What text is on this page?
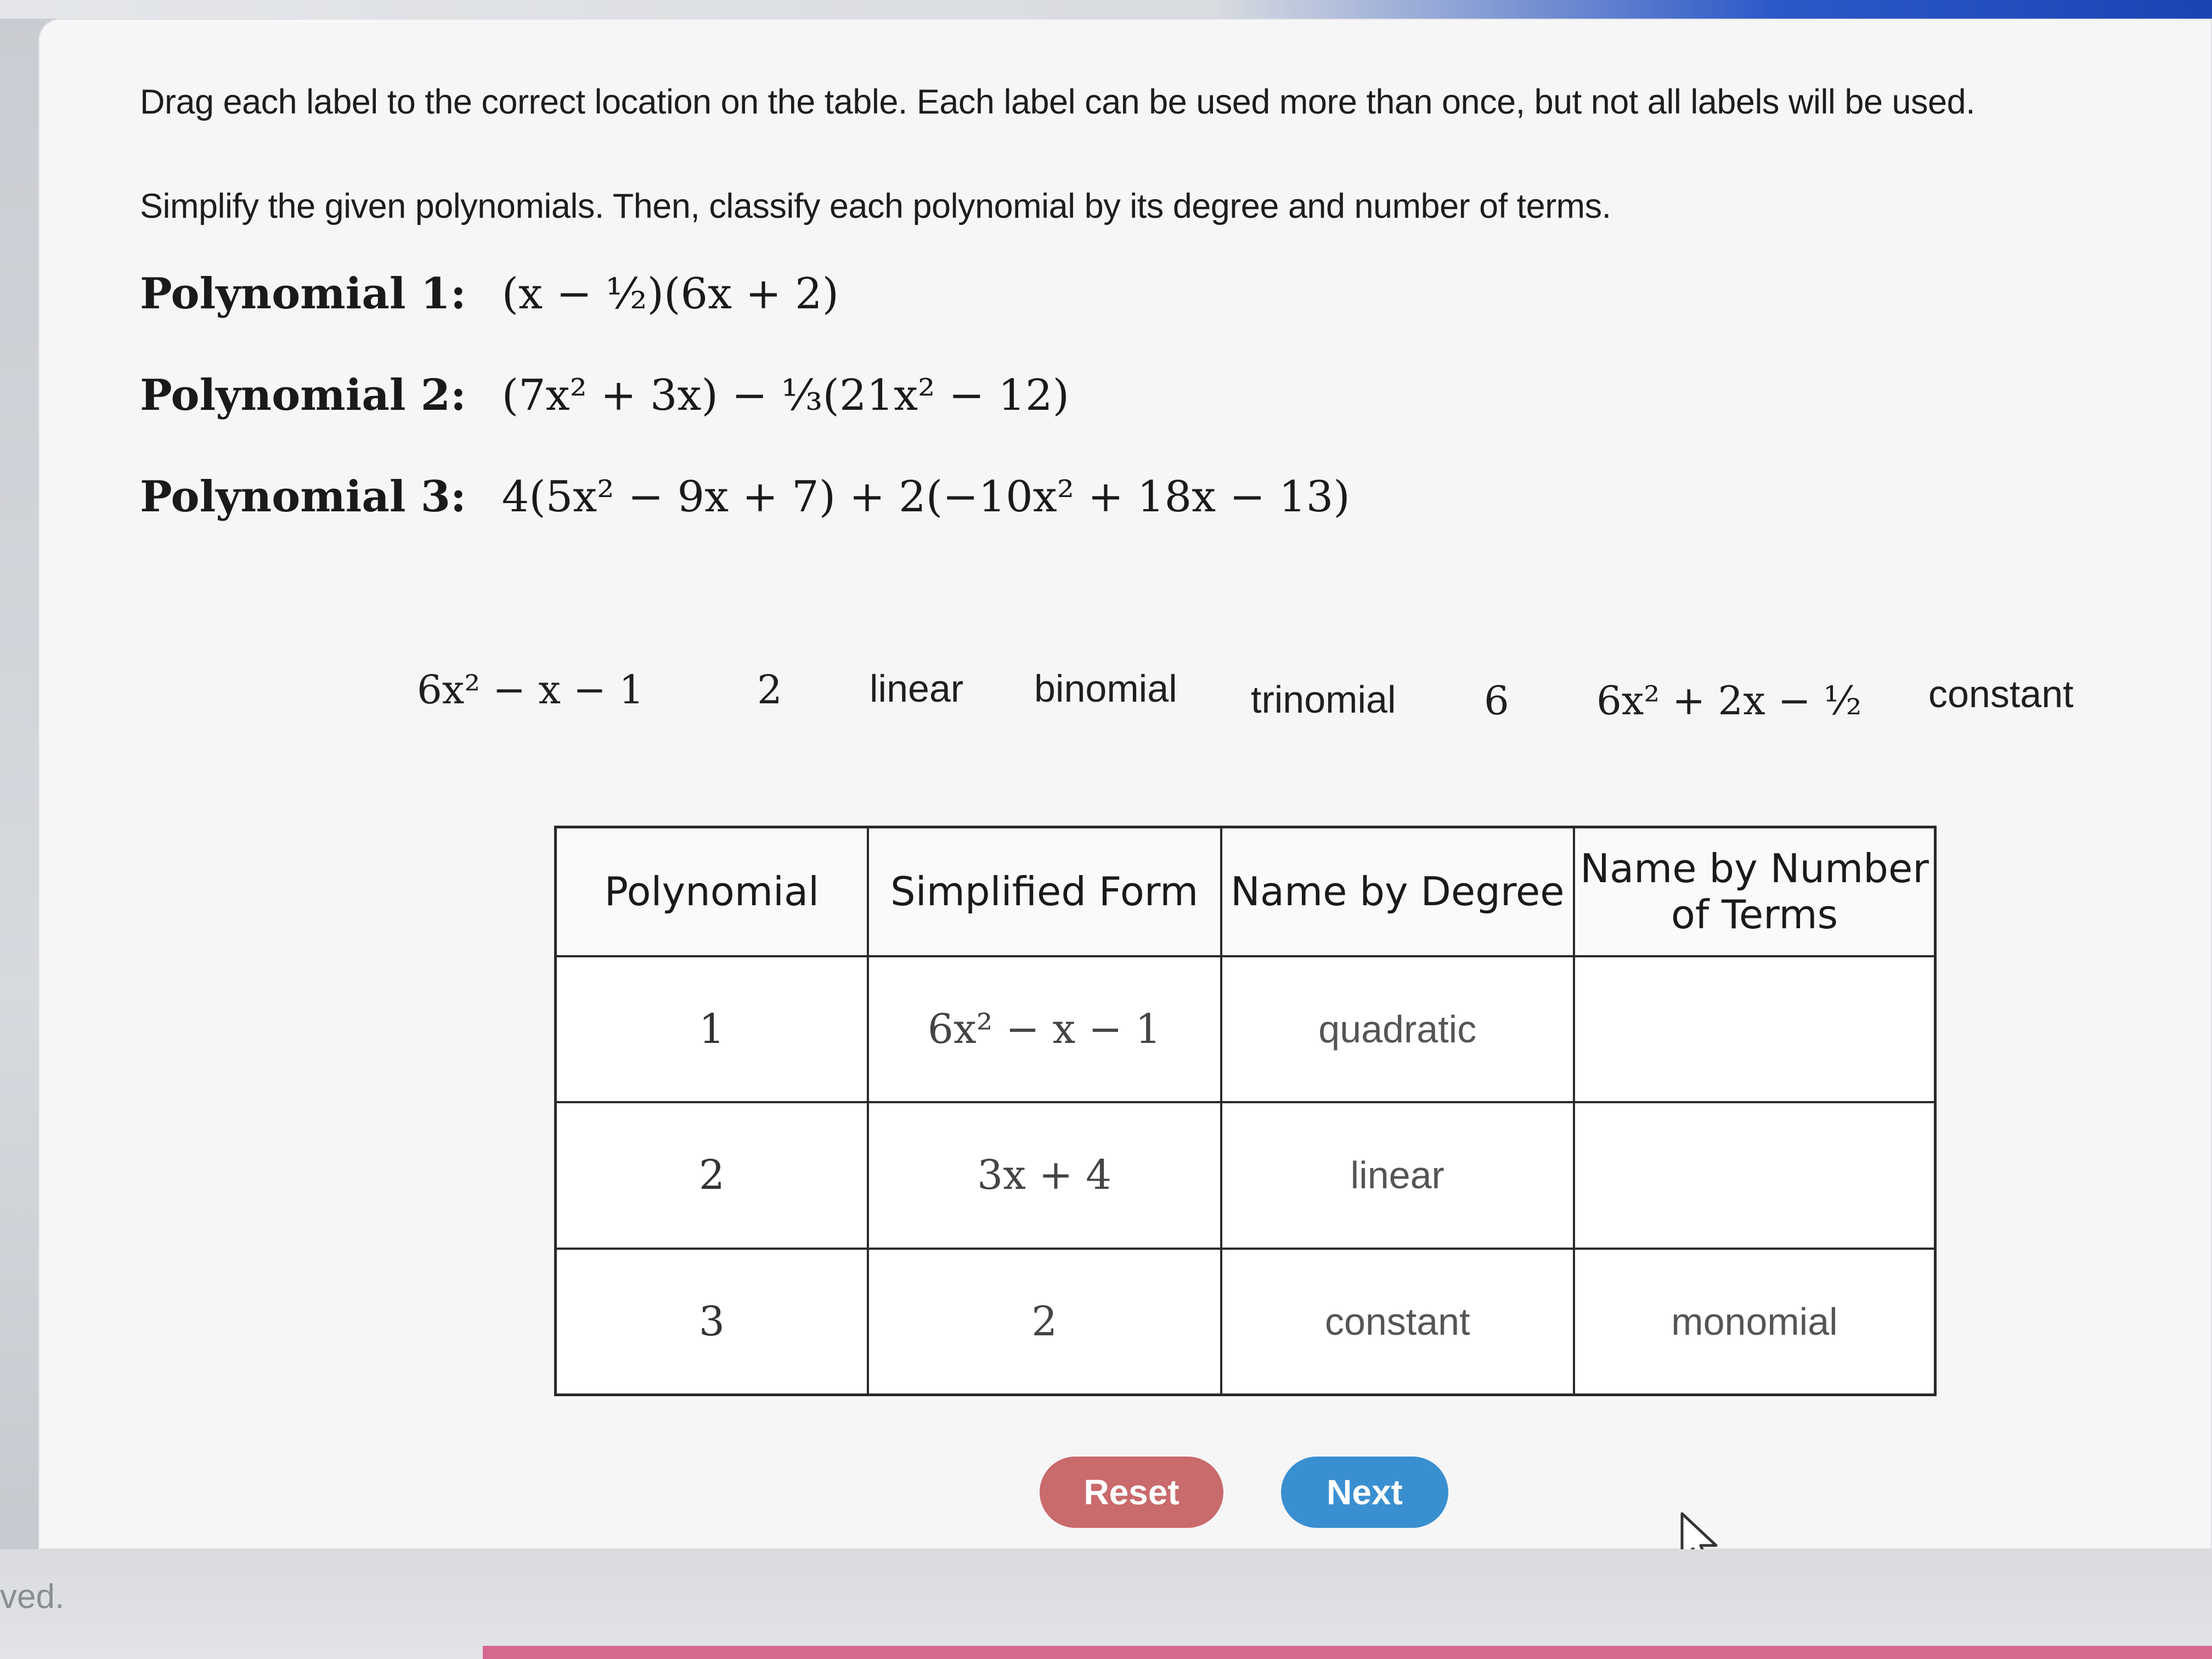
Drag each label to the correct location on the table. Each label can be used more than once, but not all labels will be used.

Simplify the given polynomials. Then, classify each polynomial by its degree and number of terms.

Polynomial 1: (x − ½)(6x + 2)
Polynomial 2: (7x² + 3x) − ⅓(21x² − 12)
Polynomial 3: 4(5x² − 9x + 7) + 2(−10x² + 18x − 13)
6x² − x − 1	2 linear binomial trinomial 6 6x² + 2x − ½ constant
Polynomial	Simplified Form	Name by Degree	Name by Number of Terms
1	6x² − x − 1	quadratic	
2	3x + 4	linear	
3	2	constant	monomial
Reset	Next
ved.
